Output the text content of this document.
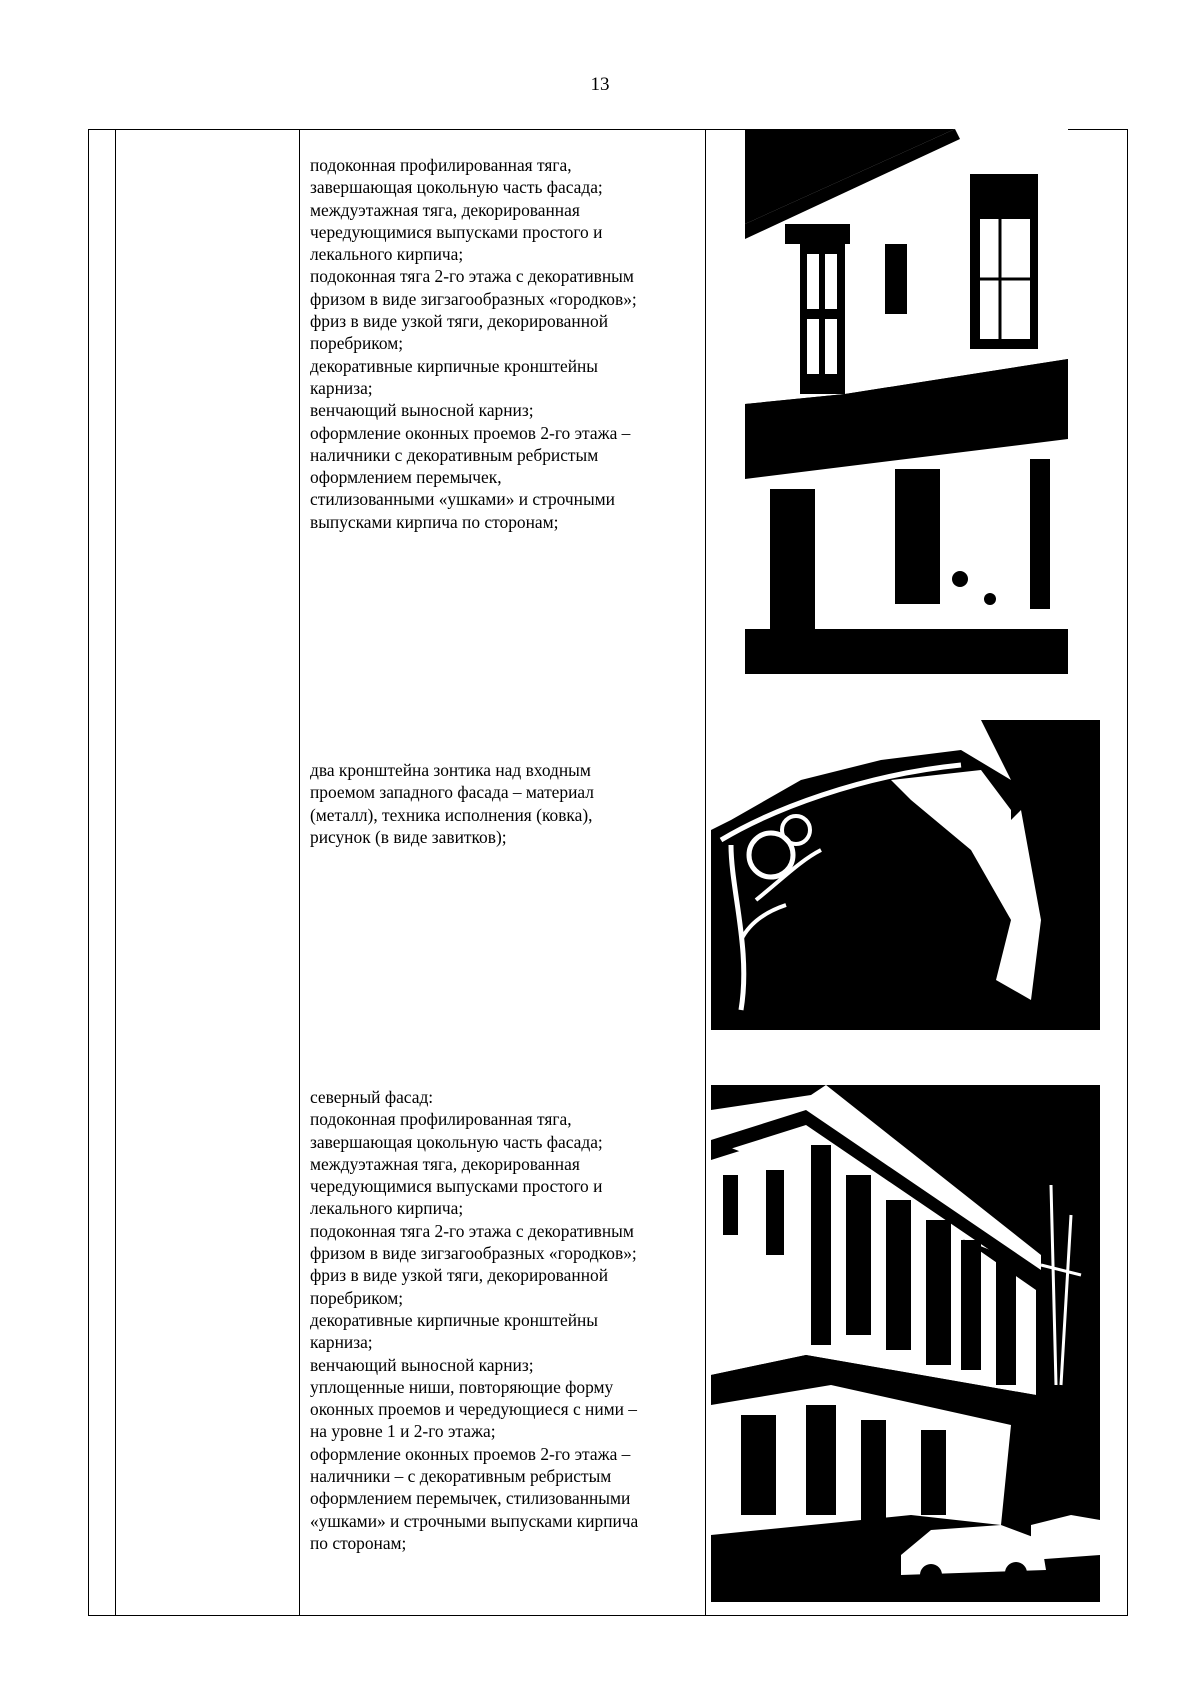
13
подоконная профилированная тяга,
завершающая цокольную часть фасада;
междуэтажная тяга, декорированная
чередующимися выпусками простого и
лекального кирпича;
подоконная тяга 2-го этажа с декоративным
фризом в виде зигзагообразных «городков»;
фриз в виде узкой тяги, декорированной
поребриком;
декоративные кирпичные кронштейны
карниза;
венчающий выносной карниз;
оформление оконных проемов 2-го этажа –
наличники с декоративным ребристым
оформлением перемычек,
стилизованными «ушками» и строчными
выпусками кирпича по сторонам;
два кронштейна зонтика над входным
проемом западного фасада – материал
(металл), техника исполнения (ковка),
рисунок (в виде завитков);
северный фасад:
подоконная профилированная тяга,
завершающая цокольную часть фасада;
междуэтажная тяга, декорированная
чередующимися выпусками простого и
лекального кирпича;
подоконная тяга 2-го этажа с декоративным
фризом в виде зигзагообразных «городков»;
фриз в виде узкой тяги, декорированной
поребриком;
декоративные кирпичные кронштейны
карниза;
венчающий выносной карниз;
уплощенные ниши, повторяющие форму
оконных проемов и чередующиеся с ними –
на уровне 1 и 2-го этажа;
оформление оконных проемов 2-го этажа –
наличники – с декоративным ребристым
оформлением перемычек, стилизованными
«ушками» и строчными выпусками кирпича
по сторонам;
